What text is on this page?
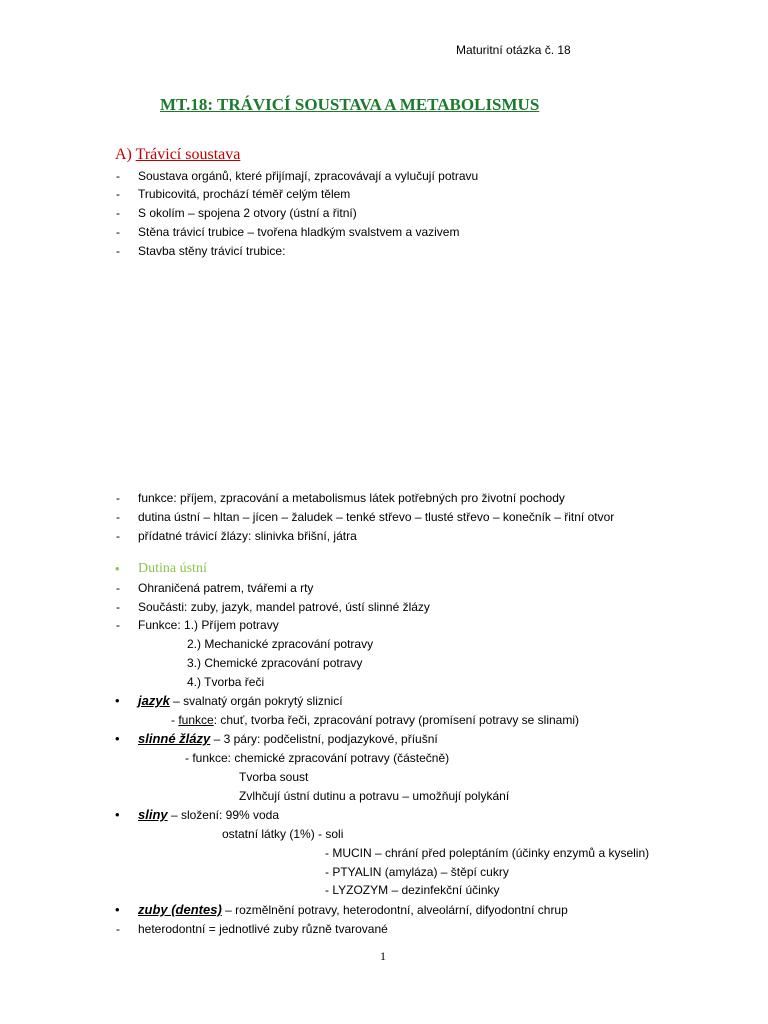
Maturitní otázka č. 18
MT.18: TRÁVICÍ SOUSTAVA A METABOLISMUS
A) Trávicí soustava
- Soustava orgánů, které přijímají, zpracovávají a vylučují potravu
- Trubicovitá, prochází téměř celým tělem
- S okolím – spojena 2 otvory (ústní a řitní)
- Stěna trávicí trubice – tvořena hladkým svalstvem a vazivem
- Stavba stěny trávicí trubice:
- funkce: příjem, zpracování a metabolismus látek potřebných pro životní pochody
- dutina ústní – hltan – jícen – žaludek – tenké střevo – tlusté střevo – konečník – řitní otvor
- přídatné trávicí žlázy: slinivka břišní, játra
• Dutina ústní
- Ohraničená patrem, tvářemi a rty
- Součásti: zuby, jazyk, mandel patrové, ústí slinné žlázy
- Funkce: 1.) Příjem potravy
2.) Mechanické zpracování potravy
3.) Chemické zpracování potravy
4.) Tvorba řeči
• jazyk – svalnatý orgán pokrytý sliznicí
- funkce: chuť, tvorba řeči, zpracování potravy (promísení potravy se slinami)
• slinné žlázy – 3 páry: podčelistní, podjazykové, příušní
- funkce: chemické zpracování potravy (částečně)
Tvorba soust
Zvlhčují ústní dutinu a potravu – umožňují polykání
• sliny – složení: 99% voda
ostatní látky (1%) - soli
- MUCIN – chrání před poleptáním (účinky enzymů a kyselin)
- PTYALIN (amyláza) – štěpí cukry
- LYZOZYM – dezinfekční účinky
• zuby (dentes) – rozmělnění potravy, heterodontní, alveolární, difyodontní chrup
- heterodontní = jednotlivé zuby různě tvarované
1
